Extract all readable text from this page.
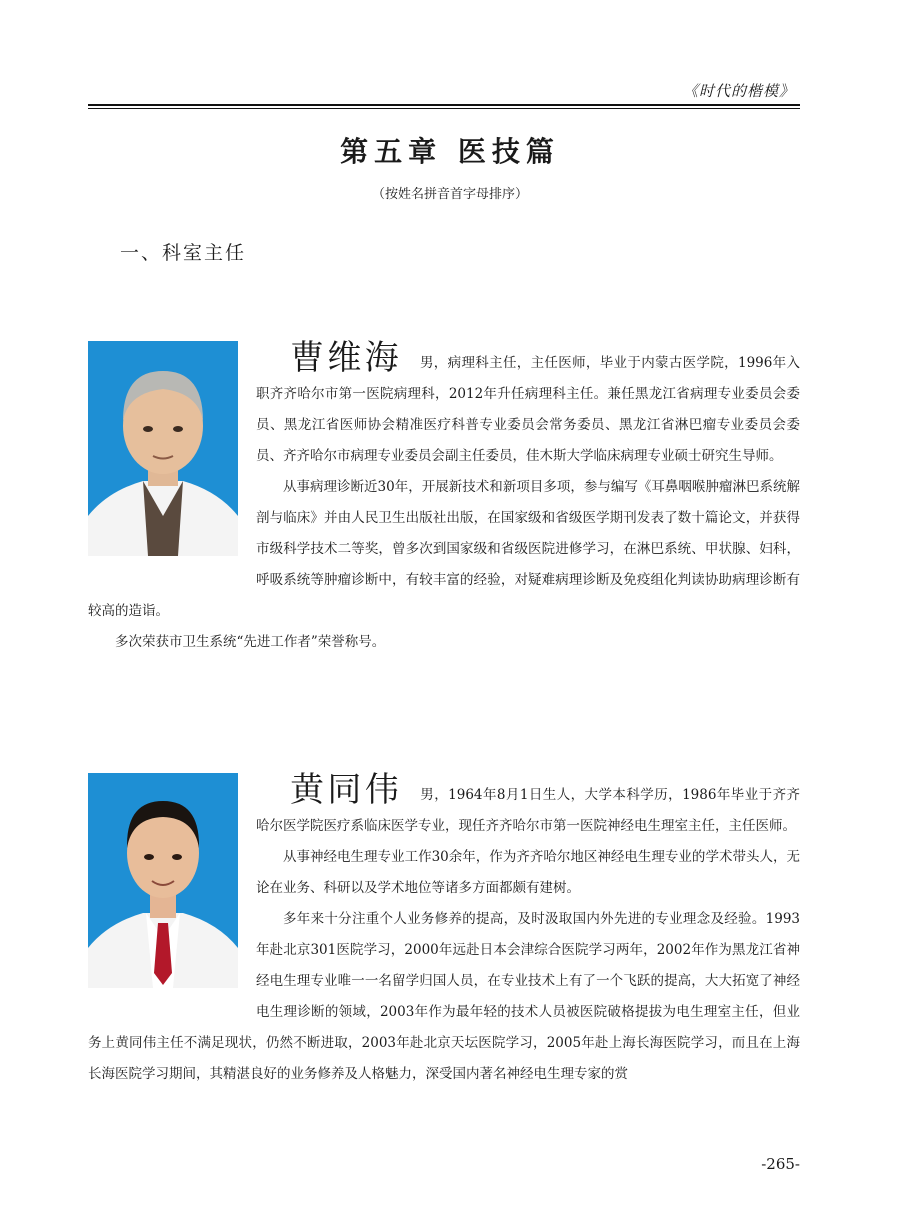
《时代的楷模》
第五章 医技篇
（按姓名拼音首字母排序）
一、科室主任

曹维海 男，病理科主任，主任医师，毕业于内蒙古医学院，1996年入职齐齐哈尔市第一医院病理科，2012年升任病理科主任。兼任黑龙江省病理专业委员会委员、黑龙江省医师协会精准医疗科普专业委员会常务委员、黑龙江省淋巴瘤专业委员会委员、齐齐哈尔市病理专业委员会副主任委员，佳木斯大学临床病理专业硕士研究生导师。

从事病理诊断近30年，开展新技术和新项目多项，参与编写《耳鼻咽喉肿瘤淋巴系统解剖与临床》并由人民卫生出版社出版，在国家级和省级医学期刊发表了数十篇论文，并获得市级科学技术二等奖，曾多次到国家级和省级医院进修学习，在淋巴系统、甲状腺、妇科，呼吸系统等肿瘤诊断中，有较丰富的经验，对疑难病理诊断及免疫组化判读协助病理诊断有较高的造诣。

多次荣获市卫生系统“先进工作者”荣誉称号。

黄同伟 男，1964年8月1日生人，大学本科学历，1986年毕业于齐齐哈尔医学院医疗系临床医学专业，现任齐齐哈尔市第一医院神经电生理室主任，主任医师。

从事神经电生理专业工作30余年，作为齐齐哈尔地区神经电生理专业的学术带头人，无论在业务、科研以及学术地位等诸多方面都颇有建树。

多年来十分注重个人业务修养的提高，及时汲取国内外先进的专业理念及经验。1993年赴北京301医院学习，2000年远赴日本会津综合医院学习两年，2002年作为黑龙江省神经电生理专业唯一一名留学归国人员，在专业技术上有了一个飞跃的提高，大大拓宽了神经电生理诊断的领域，2003年作为最年轻的技术人员被医院破格提拔为电生理室主任，但业务上黄同伟主任不满足现状，仍然不断进取，2003年赴北京天坛医院学习，2005年赴上海长海医院学习，而且在上海长海医院学习期间，其精湛良好的业务修养及人格魅力，深受国内著名神经电生理专家的赏

-265-
